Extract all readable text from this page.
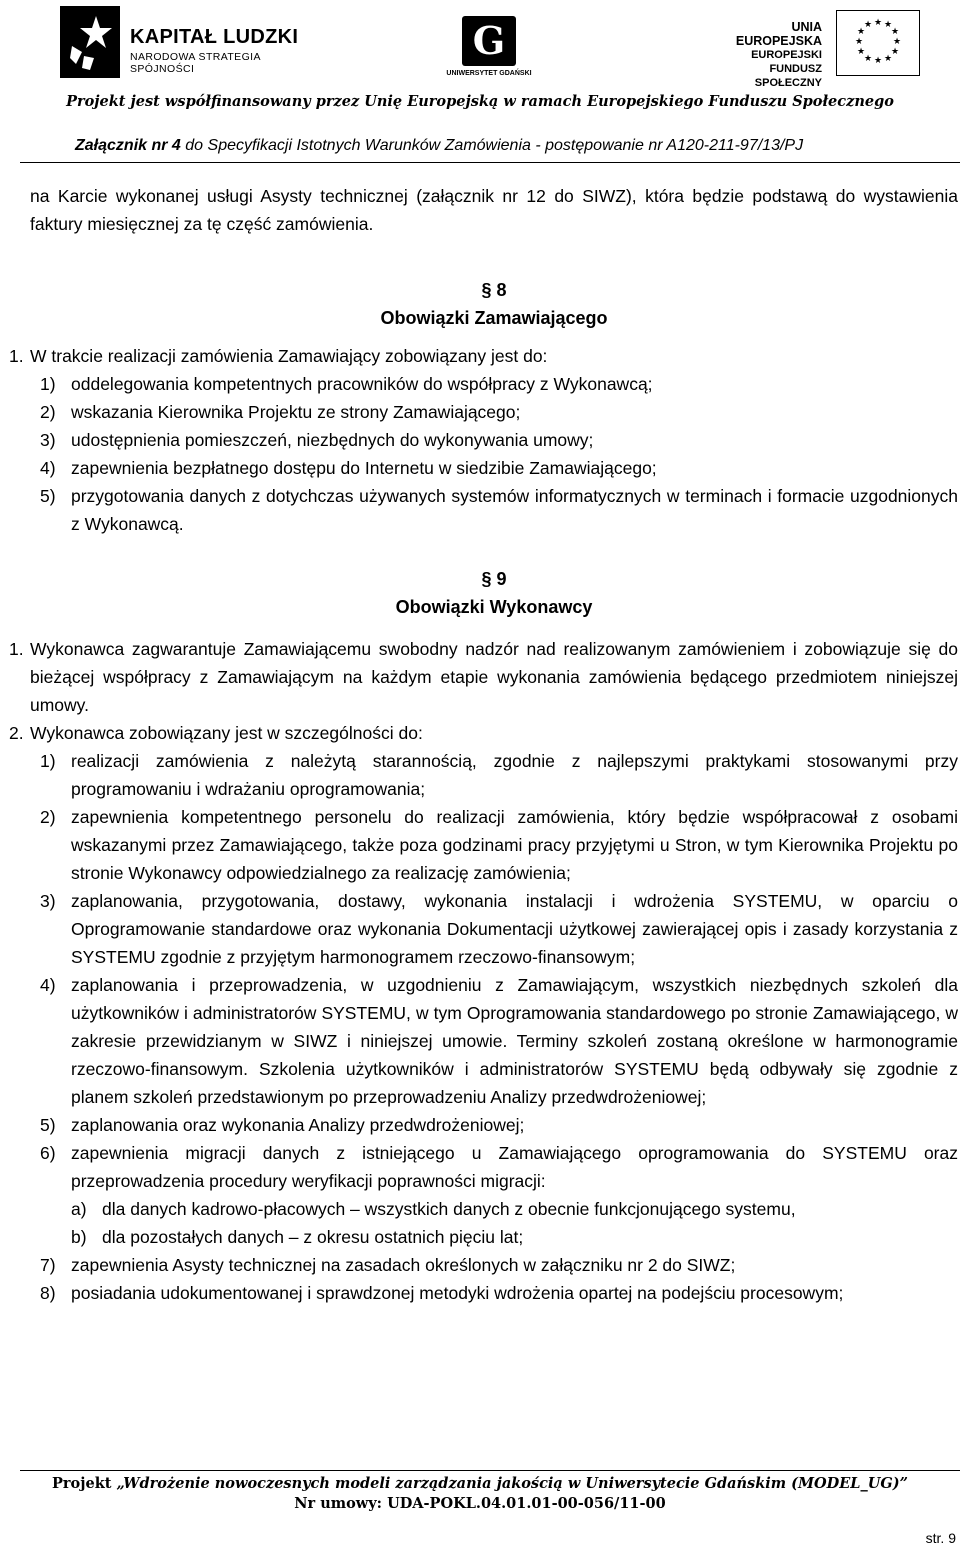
KAPITAŁ LUDZKI
NARODOWA STRATEGIA SPÓJNOŚCI
G
UNIWERSYTET GDAŃSKI
UNIA EUROPEJSKA
EUROPEJSKI
FUNDUSZ SPOŁECZNY
★ ★
★
★
★
★
★
★
★
★
★
★
Projekt jest współfinansowany przez Unię Europejską w ramach Europejskiego Funduszu Społecznego
Załącznik nr 4 do Specyfikacji Istotnych Warunków Zamówienia - postępowanie nr A120-211-97/13/PJ
na Karcie wykonanej usługi Asysty technicznej (załącznik nr 12 do SIWZ), która będzie podstawą do wystawienia faktury miesięcznej za tę część zamówienia.
§ 8
Obowiązki Zamawiającego
1. W trakcie realizacji zamówienia Zamawiający zobowiązany jest do:
1) oddelegowania kompetentnych pracowników do współpracy z Wykonawcą;
2) wskazania Kierownika Projektu ze strony Zamawiającego;
3) udostępnienia pomieszczeń, niezbędnych do wykonywania umowy;
4) zapewnienia bezpłatnego dostępu do Internetu w siedzibie Zamawiającego;
5) przygotowania danych z dotychczas używanych systemów informatycznych w terminach i formacie uzgodnionych z Wykonawcą.
§ 9
Obowiązki Wykonawcy
1. Wykonawca zagwarantuje Zamawiającemu swobodny nadzór nad realizowanym zamówieniem i zobowiązuje się do bieżącej współpracy z Zamawiającym na każdym etapie wykonania zamówienia będącego przedmiotem niniejszej umowy.
2. Wykonawca zobowiązany jest w szczególności do:
1) realizacji zamówienia z należytą starannością, zgodnie z najlepszymi praktykami stosowanymi przy programowaniu i wdrażaniu oprogramowania;
2) zapewnienia kompetentnego personelu do realizacji zamówienia, który będzie współpracował z osobami wskazanymi przez Zamawiającego, także poza godzinami pracy przyjętymi u Stron, w tym Kierownika Projektu po stronie Wykonawcy odpowiedzialnego za realizację zamówienia;
3) zaplanowania, przygotowania, dostawy, wykonania instalacji i wdrożenia SYSTEMU, w oparciu o Oprogramowanie standardowe oraz wykonania Dokumentacji użytkowej zawierającej opis i zasady korzystania z SYSTEMU zgodnie z przyjętym harmonogramem rzeczowo-finansowym;
4) zaplanowania i przeprowadzenia, w uzgodnieniu z Zamawiającym, wszystkich niezbędnych szkoleń dla użytkowników i administratorów SYSTEMU, w tym Oprogramowania standardowego po stronie Zamawiającego, w zakresie przewidzianym w SIWZ i niniejszej umowie. Terminy szkoleń zostaną określone w harmonogramie rzeczowo-finansowym. Szkolenia użytkowników i administratorów SYSTEMU będą odbywały się zgodnie z planem szkoleń przedstawionym po przeprowadzeniu Analizy przedwdrożeniowej;
5) zaplanowania oraz wykonania Analizy przedwdrożeniowej;
6) zapewnienia migracji danych z istniejącego u Zamawiającego oprogramowania do SYSTEMU oraz przeprowadzenia procedury weryfikacji poprawności migracji:
a) dla danych kadrowo-płacowych – wszystkich danych z obecnie funkcjonującego systemu,
b) dla pozostałych danych – z okresu ostatnich pięciu lat;
7) zapewnienia Asysty technicznej na zasadach określonych w załączniku nr 2 do SIWZ;
8) posiadania udokumentowanej i sprawdzonej metodyki wdrożenia opartej na podejściu procesowym;
Projekt „Wdrożenie nowoczesnych modeli zarządzania jakością w Uniwersytecie Gdańskim (MODEL_UG)”
Nr umowy: UDA-POKL.04.01.01-00-056/11-00
str. 9
